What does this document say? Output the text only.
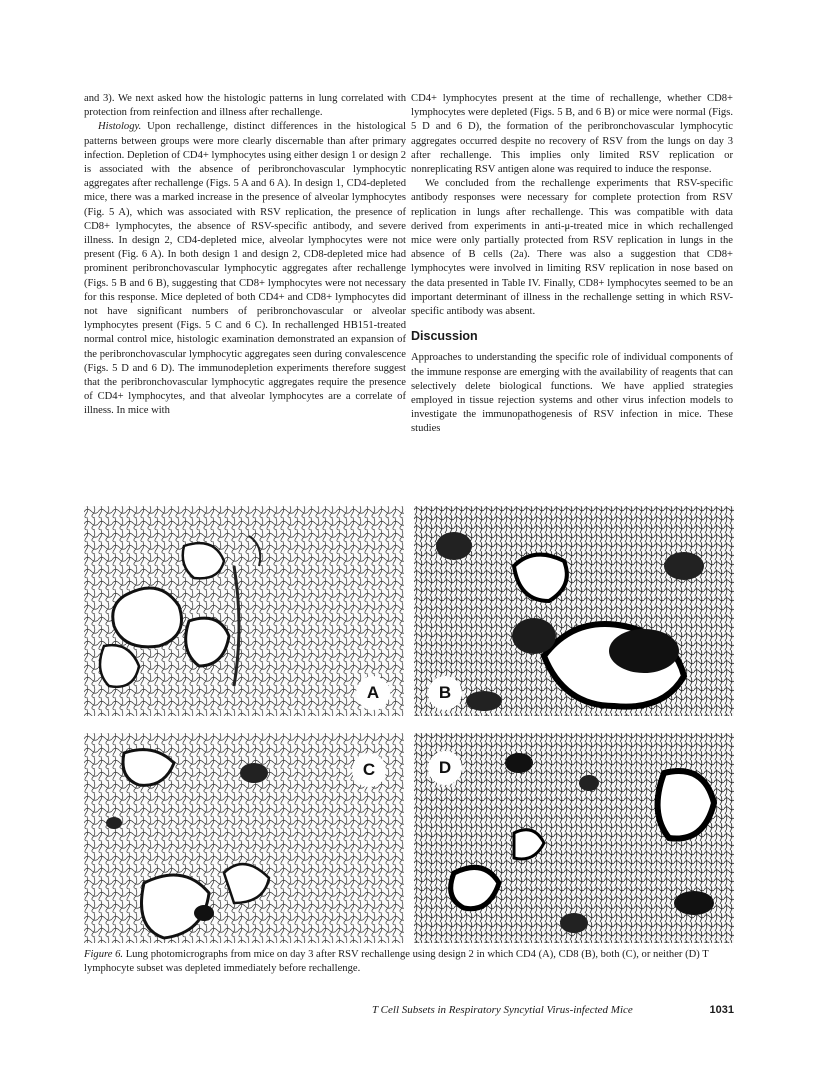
and 3). We next asked how the histologic patterns in lung correlated with protection from reinfection and illness after rechallenge.

Histology. Upon rechallenge, distinct differences in the histological patterns between groups were more clearly discernable than after primary infection. Depletion of CD4+ lymphocytes using either design 1 or design 2 is associated with the absence of peribronchovascular lymphocytic aggregates after rechallenge (Figs. 5 A and 6 A). In design 1, CD4-depleted mice, there was a marked increase in the presence of alveolar lymphocytes (Fig. 5 A), which was associated with RSV replication, the presence of CD8+ lymphocytes, the absence of RSV-specific antibody, and severe illness. In design 2, CD4-depleted mice, alveolar lymphocytes were not present (Fig. 6 A). In both design 1 and design 2, CD8-depleted mice had prominent peribronchovascular lymphocytic aggregates after rechallenge (Figs. 5 B and 6 B), suggesting that CD8+ lymphocytes were not necessary for this response. Mice depleted of both CD4+ and CD8+ lymphocytes did not have significant numbers of peribronchovascular or alveolar lymphocytes present (Figs. 5 C and 6 C). In rechallenged HB151-treated normal control mice, histologic examination demonstrated an expansion of the peribronchovascular lymphocytic aggregates seen during convalescence (Figs. 5 D and 6 D). The immunodepletion experiments therefore suggest that the peribronchovascular lymphocytic aggregates require the presence of CD4+ lymphocytes, and that alveolar lymphocytes are a correlate of illness. In mice with

CD4+ lymphocytes present at the time of rechallenge, whether CD8+ lymphocytes were depleted (Figs. 5 B, and 6 B) or mice were normal (Figs. 5 D and 6 D), the formation of the peribronchovascular lymphocytic aggregates occurred despite no recovery of RSV from the lungs on day 3 after rechallenge. This implies only limited RSV replication or nonreplicating RSV antigen alone was required to induce the response.

We concluded from the rechallenge experiments that RSV-specific antibody responses were necessary for complete protection from RSV replication in lungs after rechallenge. This was compatible with data derived from experiments in anti-μ-treated mice in which rechallenged mice were only partially protected from RSV replication in lungs in the absence of B cells (2a). There was also a suggestion that CD8+ lymphocytes were involved in limiting RSV replication in nose based on the data presented in Table IV. Finally, CD8+ lymphocytes seemed to be an important determinant of illness in the rechallenge setting in which RSV-specific antibody was absent.

Discussion

Approaches to understanding the specific role of individual components of the immune response are emerging with the availability of reagents that can selectively delete biological functions. We have applied strategies employed in tissue rejection systems and other virus infection models to investigate the immunopathogenesis of RSV infection in mice. These studies

A	B
C	D
Figure 6. Lung photomicrographs from mice on day 3 after RSV rechallenge using design 2 in which CD4 (A), CD8 (B), both (C), or neither (D) T lymphocyte subset was depleted immediately before rechallenge.
T Cell Subsets in Respiratory Syncytial Virus-infected Mice	1031
